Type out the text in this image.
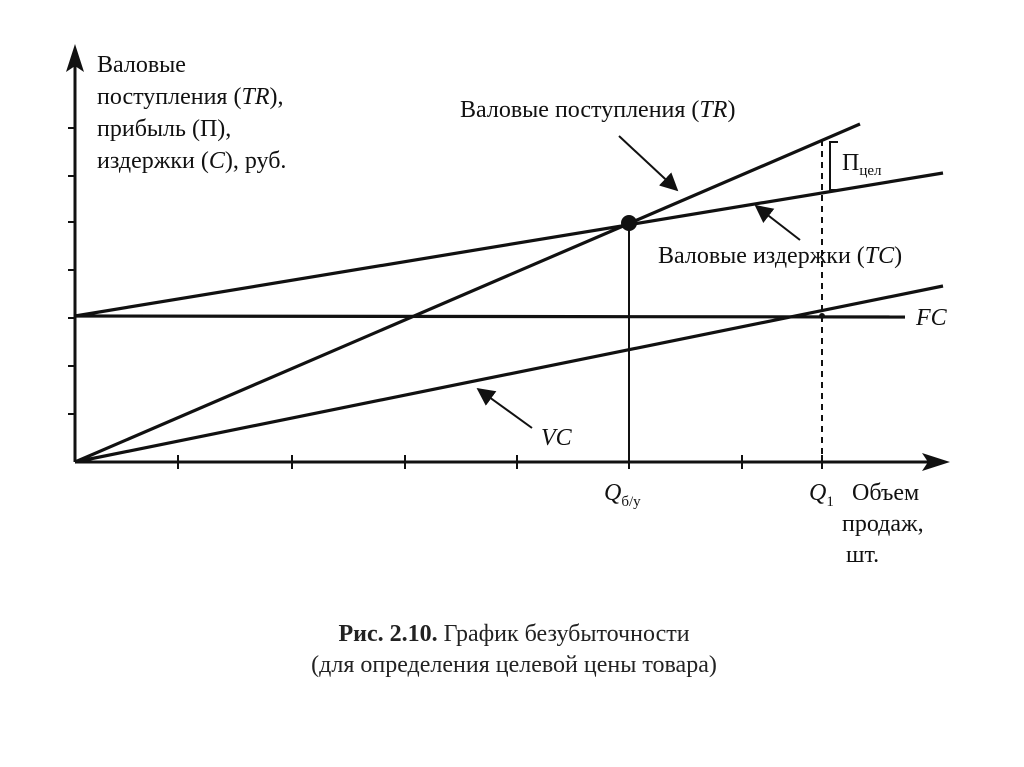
Валовые
поступления (TR),
прибыль (П),
издержки (C), руб.
Валовые поступления (TR)
Валовые издержки (TC)
FC
VC
$П_{цел}$
$Q_{б/у}$	$Q_1$ Объем
продаж,
шт.
Рис. 2.10. График безубыточности
(для определения целевой цены товара)
